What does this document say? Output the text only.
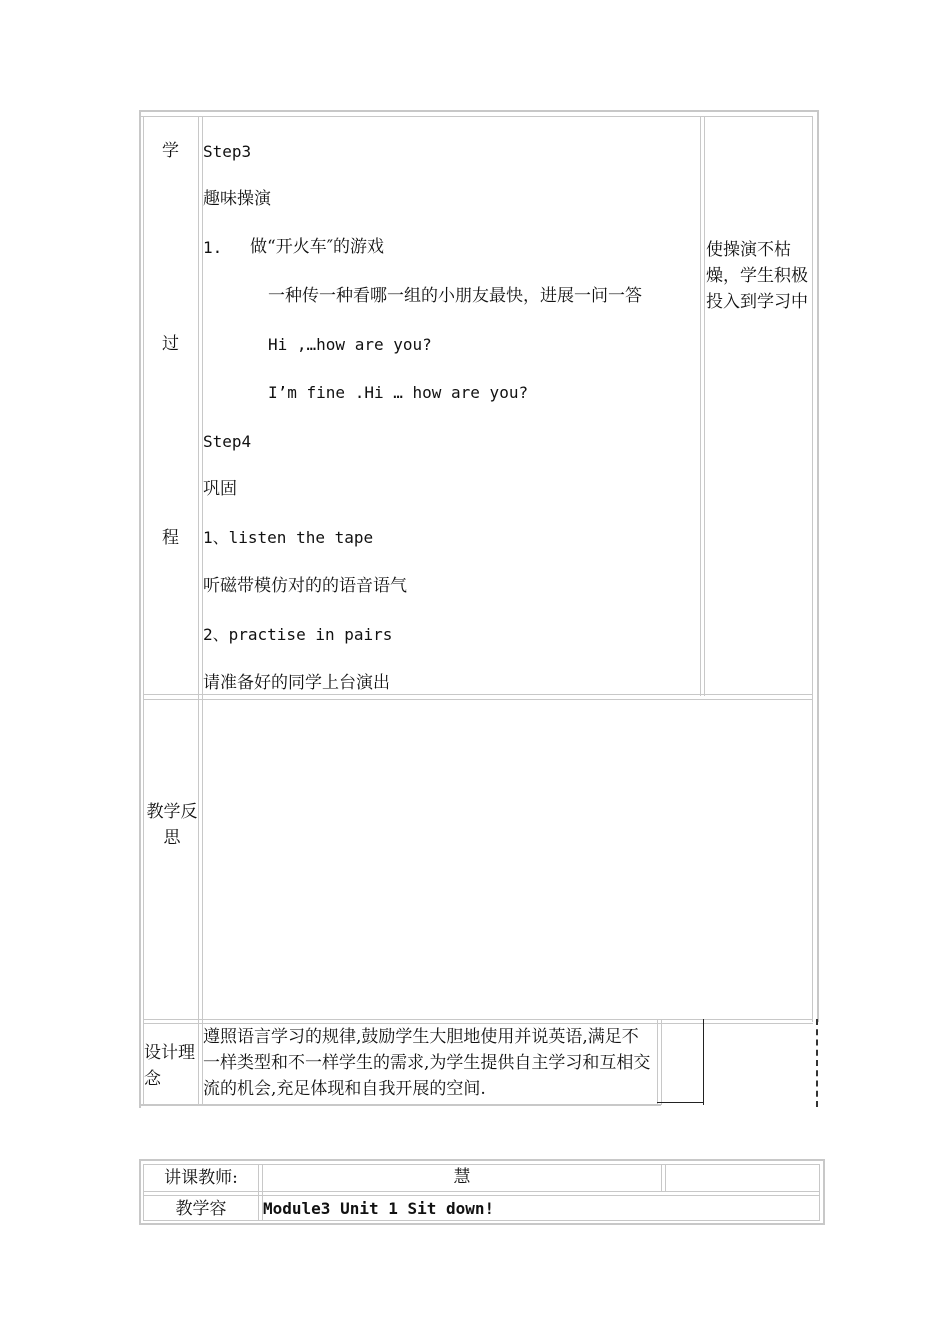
学
过
程
Step3
趣味操演
1. 做“开火车″的游戏
一种传一种看哪一组的小朋友最快，进展一问一答
Hi ,…how are you?
I’m fine .Hi … how are you?
Step4
巩固
1、listen the tape
听磁带模仿对的的语音语气
2、practise in pairs
请准备好的同学上台演出
使操演不枯燥，学生积极投入到学习中
教学反思
设计理念
遵照语言学习的规律,鼓励学生大胆地使用并说英语,满足不一样类型和不一样学生的需求,为学生提供自主学习和互相交流的机会,充足体现和自我开展的空间.
讲课教师:	慧
教学容	Module3 Unit 1 Sit down!
